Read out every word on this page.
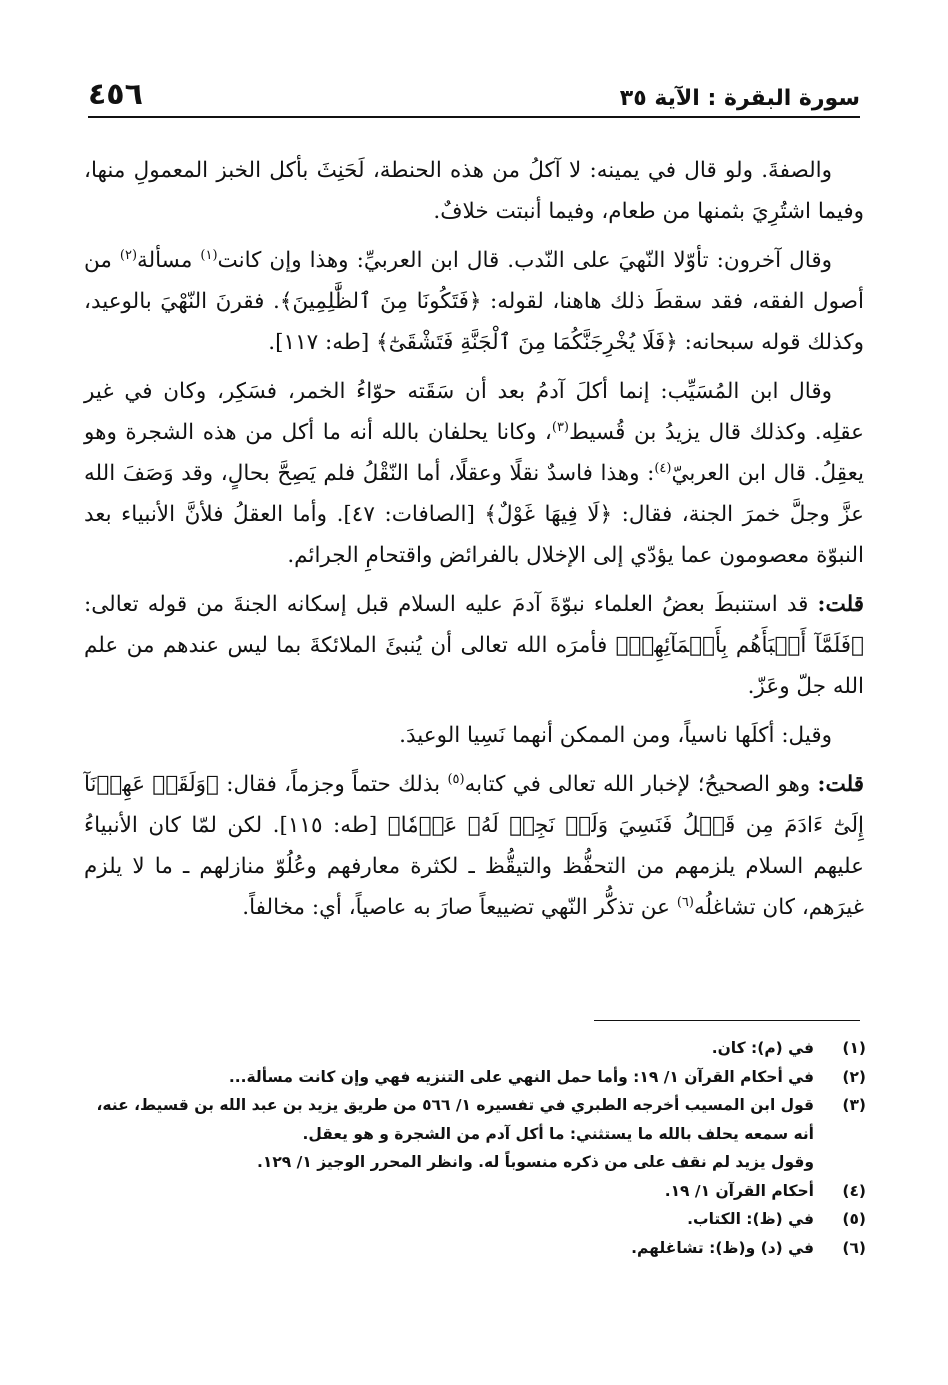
سورة البقرة : الآية ٣٥
٤٥٦

والصفةَ. ولو قال في يمينه: لا آكلُ من هذه الحنطة، لَحَنِثَ بأكل الخبز المعمولِ منها، وفيما اشتُرِيَ بثمنها من طعام، وفيما أنبتت خلافٌ.

وقال آخرون: تأوّلا النّهيَ على النّدب. قال ابن العربيِّ: وهذا وإن كانت$^{(١)}$ مسألة$^{(٢)}$ من أصول الفقه، فقد سقطَ ذلك هاهنا، لقوله: ﴿فَتَكُونَا مِنَ ٱلظَّٰلِمِينَ﴾. فقرنَ النّهْيَ بالوعيد، وكذلك قوله سبحانه: ﴿فَلَا يُخْرِجَنَّكُمَا مِنَ ٱلْجَنَّةِ فَتَشْقَىٰٓ﴾ [طه: ١١٧].

وقال ابن المُسَيِّب: إنما أكلَ آدمُ بعد أن سَقَته حوّاءُ الخمر، فسَكِر، وكان في غير عقلِه. وكذلك قال يزيدُ بن قُسيط$^{(٣)}$، وكانا يحلفان بالله أنه ما أكل من هذه الشجرة وهو يعقِلُ. قال ابن العربيّ$^{(٤)}$: وهذا فاسدٌ نقلًا وعقلًا، أما النّقْلُ فلم يَصِحَّ بحالٍ، وقد وَصَفَ الله عزَّ وجلَّ خمرَ الجنة، فقال: ﴿لَا فِيهَا غَوْلٌ﴾ [الصافات: ٤٧]. وأما العقلُ فلأنَّ الأنبياء بعد النبوّة معصومون عما يؤدّي إلى الإخلال بالفرائض واقتحامِ الجرائم.

قلت: قد استنبطَ بعضُ العلماء نبوّةَ آدمَ عليه السلام قبل إسكانه الجنةَ من قوله تعالى: ﴿فَلَمَّآ أَنۢبَأَهُم بِأَسۡمَآئِهِمۡ﴾ فأمرَه الله تعالى أن يُنبئَ الملائكةَ بما ليس عندهم من علم الله جلّ وعَزّ.

وقيل: أكلَها ناسياً، ومن الممكن أنهما نَسِيا الوعيدَ.

قلت: وهو الصحيحُ؛ لإخبار الله تعالى في كتابه$^{(٥)}$ بذلك حتماً وجزماً، فقال: ﴿وَلَقَدۡ عَهِدۡنَآ إِلَىٰٓ ءَادَمَ مِن قَبۡلُ فَنَسِيَ وَلَمۡ نَجِدۡ لَهُۥ عَزۡمٗا﴾ [طه: ١١٥]. لكن لمّا كان الأنبياءُ عليهم السلام يلزمهم من التحفُّظ والتيقُّظ ـ لكثرة معارفهم وعُلُوّ منازلهم ـ ما لا يلزم غيرَهم، كان تشاغلُه$^{(٦)}$ عن تذكُّر النّهي تضييعاً صارَ به عاصياً، أي: مخالفاً.

(١)
في (م): كان.
(٢)
في أحكام القرآن ١/ ١٩: وأما حمل النهي على التنزيه فهي وإن كانت مسألة...
(٣)
قول ابن المسيب أخرجه الطبري في تفسيره ١/ ٥٦٦ من طريق يزيد بن عبد الله بن قسيط، عنه، أنه سمعه يحلف بالله ما يستثني: ما أكل آدم من الشجرة و هو يعقل.
وقول يزيد لم نقف على من ذكره منسوباً له. وانظر المحرر الوجيز ١/ ١٢٩.
(٤)
أحكام القرآن ١/ ١٩.
(٥)
في (ظ): الكتاب.
(٦)
في (د) و(ظ): تشاغلهم.
